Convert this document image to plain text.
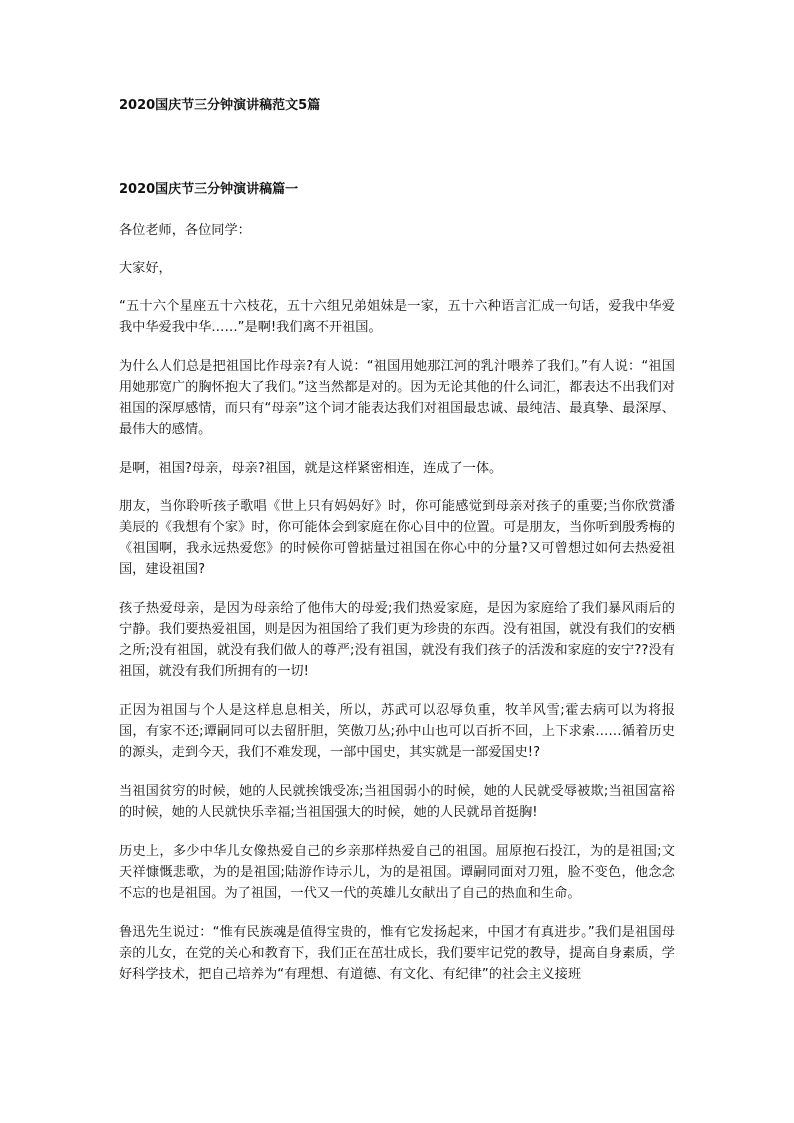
2020国庆节三分钟演讲稿范文5篇
2020国庆节三分钟演讲稿篇一

各位老师，各位同学：

大家好，

“五十六个星座五十六枝花，五十六组兄弟姐妹是一家，五十六种语言汇成一句话，爱我中华爱我中华爱我中华……”是啊!我们离不开祖国。

为什么人们总是把祖国比作母亲?有人说：“祖国用她那江河的乳汁喂养了我们。”有人说：“祖国用她那宽广的胸怀抱大了我们。”这当然都是对的。因为无论其他的什么词汇，都表达不出我们对祖国的深厚感情，而只有“母亲”这个词才能表达我们对祖国最忠诚、最纯洁、最真挚、最深厚、最伟大的感情。

是啊，祖国?母亲，母亲?祖国，就是这样紧密相连，连成了一体。

朋友，当你聆听孩子歌唱《世上只有妈妈好》时，你可能感觉到母亲对孩子的重要;当你欣赏潘美辰的《我想有个家》时，你可能体会到家庭在你心目中的位置。可是朋友，当你听到殷秀梅的《祖国啊，我永远热爱您》的时候你可曾掂量过祖国在你心中的分量?又可曾想过如何去热爱祖国，建设祖国?

孩子热爱母亲，是因为母亲给了他伟大的母爱;我们热爱家庭，是因为家庭给了我们暴风雨后的宁静。我们要热爱祖国，则是因为祖国给了我们更为珍贵的东西。没有祖国，就没有我们的安栖之所;没有祖国，就没有我们做人的尊严;没有祖国，就没有我们孩子的活泼和家庭的安宁??没有祖国，就没有我们所拥有的一切!

正因为祖国与个人是这样息息相关，所以，苏武可以忍辱负重，牧羊风雪;霍去病可以为将报国，有家不还;谭嗣同可以去留肝胆，笑傲刀丛;孙中山也可以百折不回，上下求索……循着历史的源头，走到今天，我们不难发现，一部中国史，其实就是一部爱国史!?

当祖国贫穷的时候，她的人民就挨饿受冻;当祖国弱小的时候，她的人民就受辱被欺;当祖国富裕的时候，她的人民就快乐幸福;当祖国强大的时候，她的人民就昂首挺胸!

历史上，多少中华儿女像热爱自己的乡亲那样热爱自己的祖国。屈原抱石投江，为的是祖国;文天祥慷慨悲歌，为的是祖国;陆游作诗示儿，为的是祖国。谭嗣同面对刀殂，脸不变色，他念念不忘的也是祖国。为了祖国，一代又一代的英雄儿女献出了自己的热血和生命。

鲁迅先生说过：“惟有民族魂是值得宝贵的，惟有它发扬起来，中国才有真进步。”我们是祖国母亲的儿女，在党的关心和教育下，我们正在茁壮成长，我们要牢记党的教导，提高自身素质，学好科学技术，把自己培养为“有理想、有道德、有文化、有纪律”的社会主义接班
